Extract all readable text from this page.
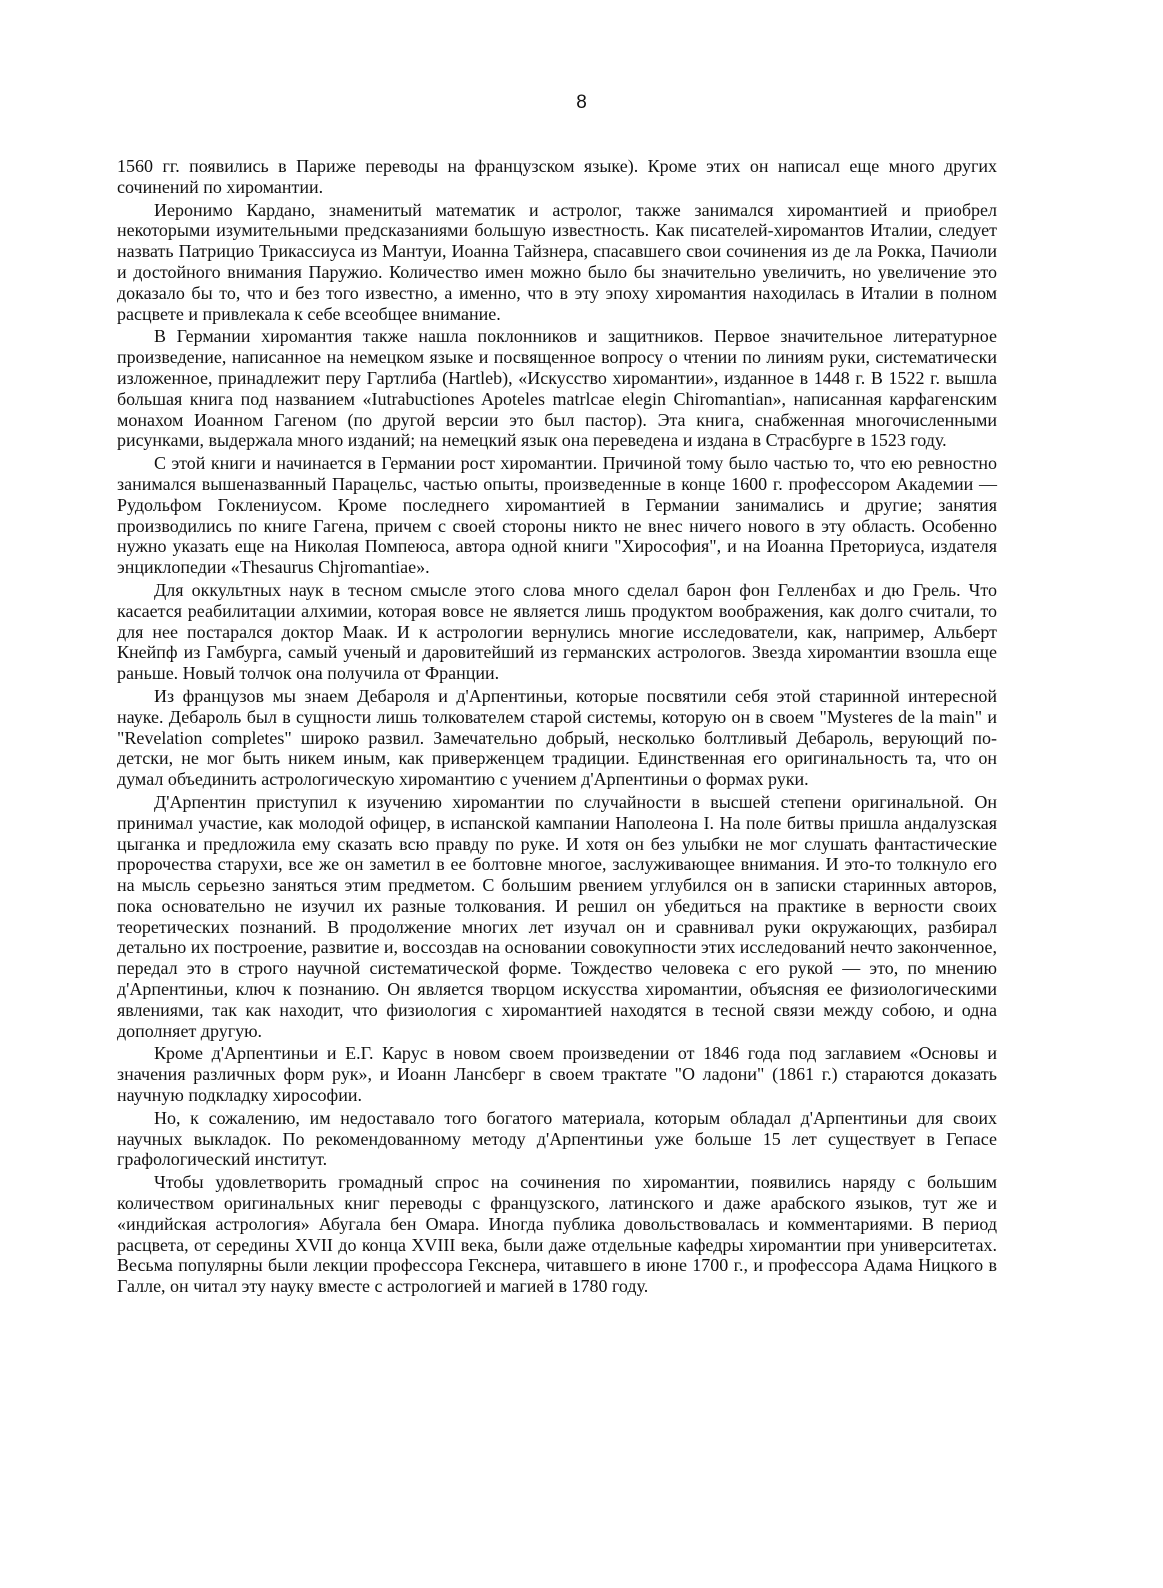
8

1560 гг. появились в Париже переводы на французском языке). Кроме этих он написал еще много других сочинений по хиромантии.

Иеронимо Кардано, знаменитый математик и астролог, также занимался хиромантией и приобрел некоторыми изумительными предсказаниями большую известность. Как писателей-хиромантов Италии, следует назвать Патрицио Трикассиуса из Мантуи, Иоанна Тайзнера, спасавшего свои сочинения из де ла Рокка, Пачиоли и достойного внимания Паружио. Количество имен можно было бы значительно увеличить, но увеличение это доказало бы то, что и без того известно, а именно, что в эту эпоху хиромантия находилась в Италии в полном расцвете и привлекала к себе всеобщее внимание.

В Германии хиромантия также нашла поклонников и защитников. Первое значительное литературное произведение, написанное на немецком языке и посвященное вопросу о чтении по линиям руки, систематически изложенное, принадлежит перу Гартлиба (Hartleb), «Искусство хиромантии», изданное в 1448 г. В 1522 г. вышла большая книга под названием «Iutrabuctiones Apoteles matrlcae elegin Chiromantian», написанная карфагенским монахом Иоанном Гагеном (по другой версии это был пастор). Эта книга, снабженная многочисленными рисунками, выдержала много изданий; на немецкий язык она переведена и издана в Страсбурге в 1523 году.

С этой книги и начинается в Германии рост хиромантии. Причиной тому было частью то, что ею ревностно занимался вышеназванный Парацельс, частью опыты, произведенные в конце 1600 г. профессором Академии — Рудольфом Гоклениусом. Кроме последнего хиромантией в Германии занимались и другие; занятия производились по книге Гагена, причем с своей стороны никто не внес ничего нового в эту область. Особенно нужно указать еще на Николая Помпеюса, автора одной книги "Хирософия", и на Иоанна Преториуса, издателя энциклопедии «Thesaurus Chjromantiae».

Для оккультных наук в тесном смысле этого слова много сделал барон фон Гелленбах и дю Грель. Что касается реабилитации алхимии, которая вовсе не является лишь продуктом воображения, как долго считали, то для нее постарался доктор Маак. И к астрологии вернулись многие исследователи, как, например, Альберт Кнейпф из Гамбурга, самый ученый и даровитейший из германских астрологов. Звезда хиромантии взошла еще раньше. Новый толчок она получила от Франции.

Из французов мы знаем Дебароля и д'Арпентиньи, которые посвятили себя этой старинной интересной науке. Дебароль был в сущности лишь толкователем старой системы, которую он в своем "Mysteres de la main" и "Revelation completes" широко развил. Замечательно добрый, несколько болтливый Дебароль, верующий по-детски, не мог быть никем иным, как приверженцем традиции. Единственная его оригинальность та, что он думал объединить астрологическую хиромантию с учением д'Арпентиньи о формах руки.

Д'Арпентин приступил к изучению хиромантии по случайности в высшей степени оригинальной. Он принимал участие, как молодой офицер, в испанской кампании Наполеона I. На поле битвы пришла андалузская цыганка и предложила ему сказать всю правду по руке. И хотя он без улыбки не мог слушать фантастические пророчества старухи, все же он заметил в ее болтовне многое, заслуживающее внимания. И это-то толкнуло его на мысль серьезно заняться этим предметом. С большим рвением углубился он в записки старинных авторов, пока основательно не изучил их разные толкования. И решил он убедиться на практике в верности своих теоретических познаний. В продолжение многих лет изучал он и сравнивал руки окружающих, разбирал детально их построение, развитие и, воссоздав на основании совокупности этих исследований нечто законченное, передал это в строго научной систематической форме. Тождество человека с его рукой — это, по мнению д'Арпентиньи, ключ к познанию. Он является творцом искусства хиромантии, объясняя ее физиологическими явлениями, так как находит, что физиология с хиромантией находятся в тесной связи между собою, и одна дополняет другую.

Кроме д'Арпентиньи и Е.Г. Карус в новом своем произведении от 1846 года под заглавием «Основы и значения различных форм рук», и Иоанн Лансберг в своем трактате "О ладони" (1861 г.) стараются доказать научную подкладку хирософии.

Но, к сожалению, им недоставало того богатого материала, которым обладал д'Арпентиньи для своих научных выкладок. По рекомендованному методу д'Арпентиньи уже больше 15 лет существует в Гепасе графологический институт.

Чтобы удовлетворить громадный спрос на сочинения по хиромантии, появились наряду с большим количеством оригинальных книг переводы с французского, латинского и даже арабского языков, тут же и «индийская астрология» Абугала бен Омара. Иногда публика довольствовалась и комментариями. В период расцвета, от середины XVII до конца XVIII века, были даже отдельные кафедры хиромантии при университетах. Весьма популярны были лекции профессора Гекснера, читавшего в июне 1700 г., и профессора Адама Ницкого в Галле, он читал эту науку вместе с астрологией и магией в 1780 году.
